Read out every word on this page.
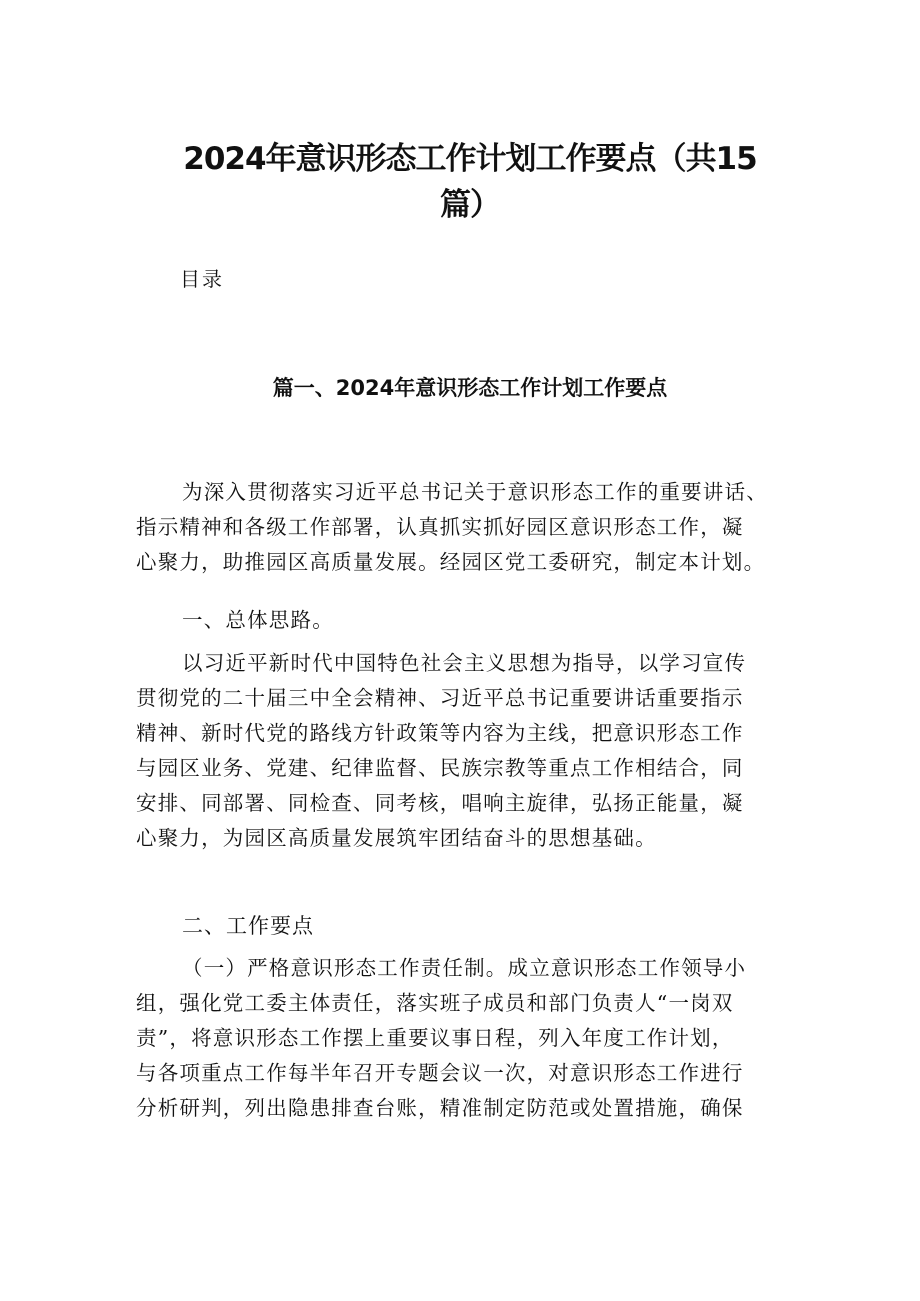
2024年意识形态工作计划工作要点（共15
篇）

目录

篇一、2024年意识形态工作计划工作要点

为深入贯彻落实习近平总书记关于意识形态工作的重要讲话、
指示精神和各级工作部署，认真抓实抓好园区意识形态工作，凝
心聚力，助推园区高质量发展。经园区党工委研究，制定本计划。

一、总体思路。

以习近平新时代中国特色社会主义思想为指导，以学习宣传
贯彻党的二十届三中全会精神、习近平总书记重要讲话重要指示
精神、新时代党的路线方针政策等内容为主线，把意识形态工作
与园区业务、党建、纪律监督、民族宗教等重点工作相结合，同
安排、同部署、同检查、同考核，唱响主旋律，弘扬正能量，凝
心聚力，为园区高质量发展筑牢团结奋斗的思想基础。

二、工作要点

（一）严格意识形态工作责任制。成立意识形态工作领导小
组，强化党工委主体责任，落实班子成员和部门负责人“一岗双
责”，将意识形态工作摆上重要议事日程，列入年度工作计划，
与各项重点工作每半年召开专题会议一次，对意识形态工作进行
分析研判，列出隐患排查台账，精准制定防范或处置措施，确保
